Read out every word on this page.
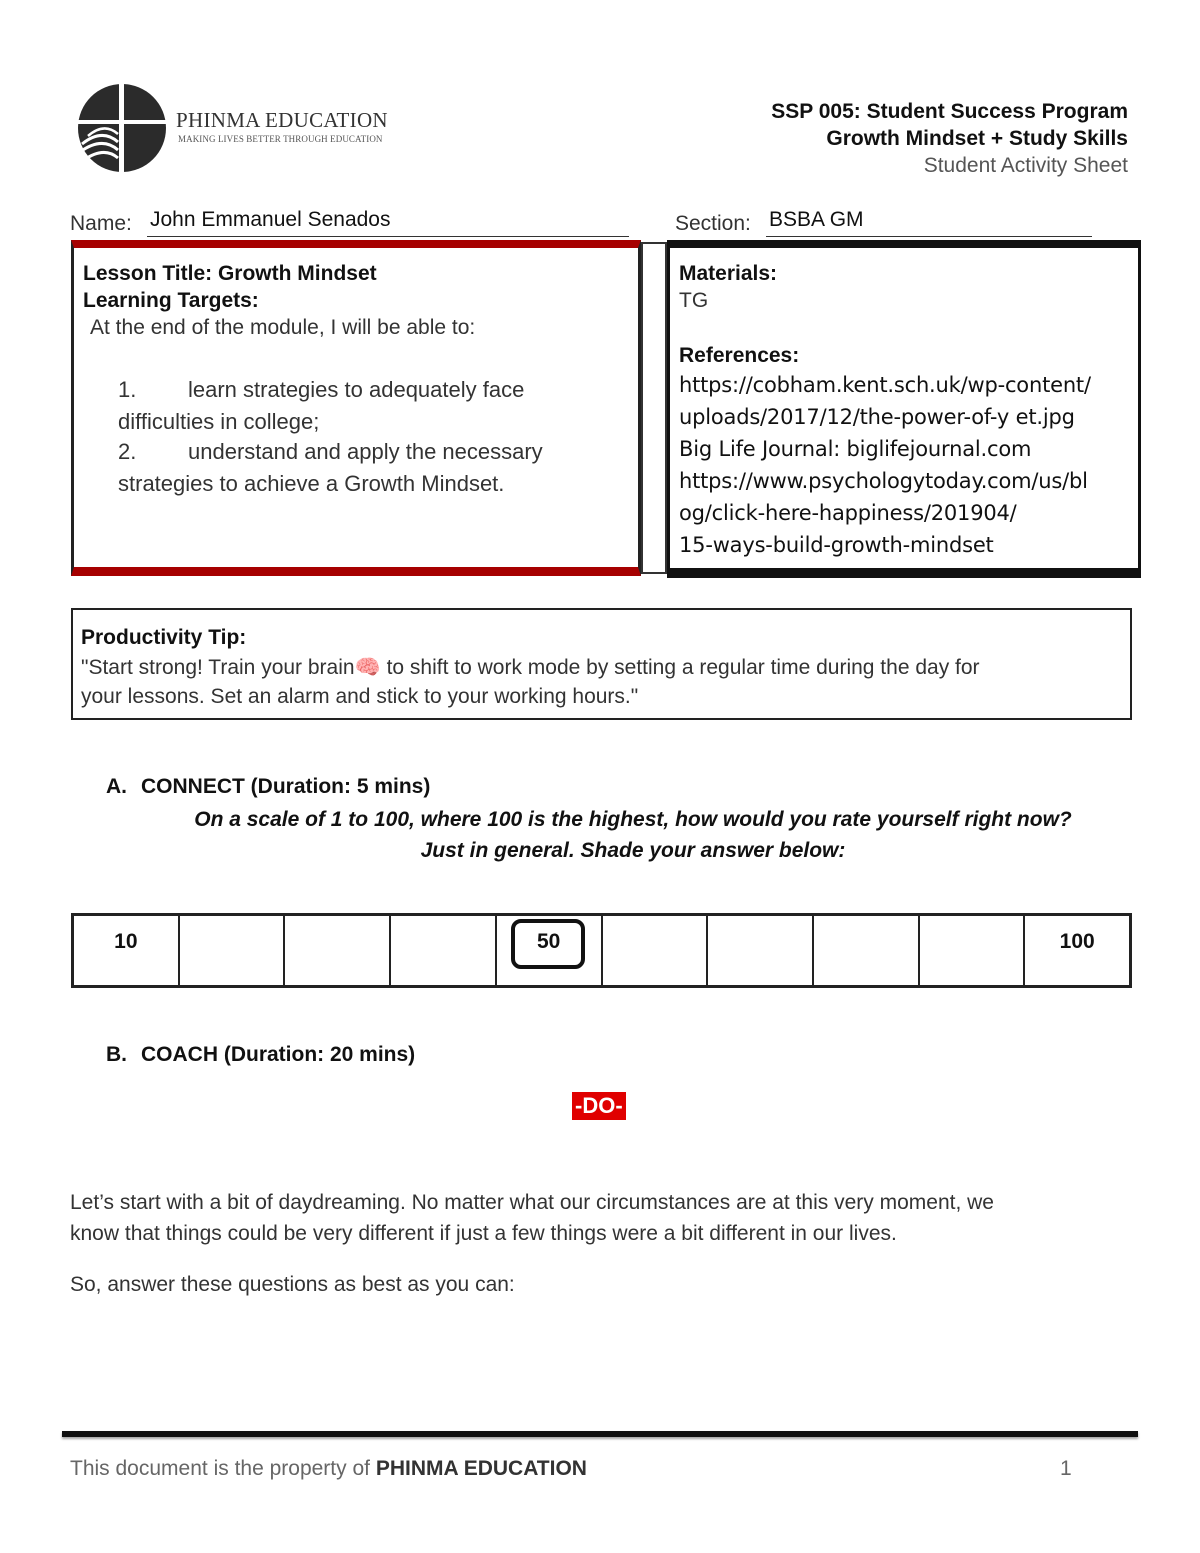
PHINMA EDUCATION
MAKING LIVES BETTER THROUGH EDUCATION
SSP 005: Student Success Program
Growth Mindset + Study Skills
Student Activity Sheet
Name: John Emmanuel Senados	Section: BSBA GM
Lesson Title: Growth Mindset
Learning Targets:
At the end of the module, I will be able to:
1. learn strategies to adequately face
difficulties in college;
2. understand and apply the necessary
strategies to achieve a Growth Mindset.
Materials:
TG
References:
https://cobham.kent.sch.uk/wp-content/
uploads/2017/12/the-power-of-y et.jpg
Big Life Journal: biglifejournal.com
https://www.psychologytoday.com/us/bl
og/click-here-happiness/201904/
15-ways-build-growth-mindset
Productivity Tip:
"Start strong! Train your brain🧠 to shift to work mode by setting a regular time during the day for
your lessons. Set an alarm and stick to your working hours."
A. CONNECT (Duration: 5 mins)
On a scale of 1 to 100, where 100 is the highest, how would you rate yourself right now?
Just in general. Shade your answer below:
10	50	100
B. COACH (Duration: 20 mins)
-DO-
Let’s start with a bit of daydreaming. No matter what our circumstances are at this very moment, we
know that things could be very different if just a few things were a bit different in our lives.
So, answer these questions as best as you can:
This document is the property of PHINMA EDUCATION	1
